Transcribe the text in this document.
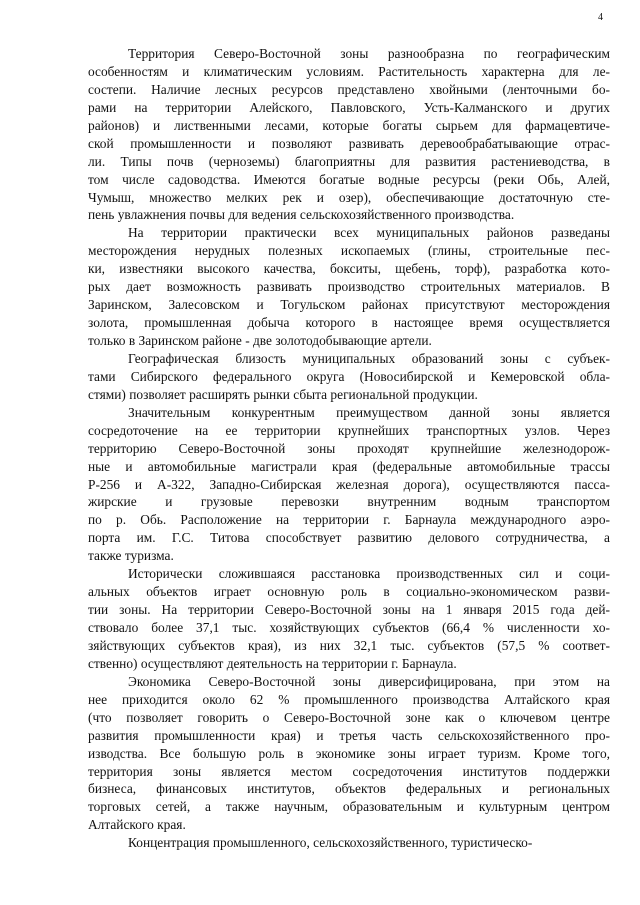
4
Территория Северо-Восточной зоны разнообразна по географическим
особенностям и климатическим условиям. Растительность характерна для ле-
состепи. Наличие лесных ресурсов представлено хвойными (ленточными бо-
рами на территории Алейского, Павловского, Усть-Калманского и других
районов) и лиственными лесами, которые богаты сырьем для фармацевтиче-
ской промышленности и позволяют развивать деревообрабатывающие отрас-
ли. Типы почв (черноземы) благоприятны для развития растениеводства, в
том числе садоводства. Имеются богатые водные ресурсы (реки Обь, Алей,
Чумыш, множество мелких рек и озер), обеспечивающие достаточную сте-
пень увлажнения почвы для ведения сельскохозяйственного производства.
На территории практически всех муниципальных районов разведаны
месторождения нерудных полезных ископаемых (глины, строительные пес-
ки, известняки высокого качества, бокситы, щебень, торф), разработка кото-
рых дает возможность развивать производство строительных материалов. В
Заринском, Залесовском и Тогульском районах присутствуют месторождения
золота, промышленная добыча которого в настоящее время осуществляется
только в Заринском районе - две золотодобывающие артели.
Географическая близость муниципальных образований зоны с субъек-
тами Сибирского федерального округа (Новосибирской и Кемеровской обла-
стями) позволяет расширять рынки сбыта региональной продукции.
Значительным конкурентным преимуществом данной зоны является
сосредоточение на ее территории крупнейших транспортных узлов. Через
территорию Северо-Восточной зоны проходят крупнейшие железнодорож-
ные и автомобильные магистрали края (федеральные автомобильные трассы
Р-256 и А-322, Западно-Сибирская железная дорога), осуществляются пасса-
жирские и грузовые перевозки внутренним водным транспортом
по р. Обь. Расположение на территории г. Барнаула международного аэро-
порта им. Г.С. Титова способствует развитию делового сотрудничества, а
также туризма.
Исторически сложившаяся расстановка производственных сил и соци-
альных объектов играет основную роль в социально-экономическом разви-
тии зоны. На территории Северо-Восточной зоны на 1 января 2015 года дей-
ствовало более 37,1 тыс. хозяйствующих субъектов (66,4 % численности хо-
зяйствующих субъектов края), из них 32,1 тыс. субъектов (57,5 % соответ-
ственно) осуществляют деятельность на территории г. Барнаула.
Экономика Северо-Восточной зоны диверсифицирована, при этом на
нее приходится около 62 % промышленного производства Алтайского края
(что позволяет говорить о Северо-Восточной зоне как о ключевом центре
развития промышленности края) и третья часть сельскохозяйственного про-
изводства. Все большую роль в экономике зоны играет туризм. Кроме того,
территория зоны является местом сосредоточения институтов поддержки
бизнеса, финансовых институтов, объектов федеральных и региональных
торговых сетей, а также научным, образовательным и культурным центром
Алтайского края.
Концентрация промышленного, сельскохозяйственного, туристическо-
